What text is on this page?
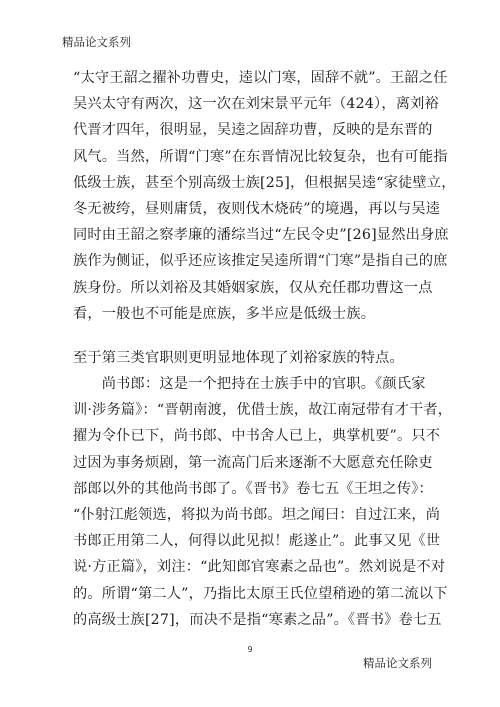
精品论文系列
“太守王韶之擢补功曹史，逵以门寒，固辞不就”。王韶之任
吴兴太守有两次，这一次在刘宋景平元年（424），离刘裕
代晋才四年，很明显，吴逵之固辞功曹，反映的是东晋的
风气。当然，所谓“门寒”在东晋情况比较复杂，也有可能指
低级士族，甚至个别高级士族[25]，但根据吴逵“家徒壁立，
冬无被绔，昼则庸赁，夜则伐木烧砖”的境遇，再以与吴逵
同时由王韶之察孝廉的潘综当过“左民令史”[26]显然出身庶
族作为侧证，似乎还应该推定吴逵所谓“门寒”是指自己的庶
族身份。所以刘裕及其婚姻家族，仅从充任郡功曹这一点
看，一般也不可能是庶族，多半应是低级士族。
至于第三类官职则更明显地体现了刘裕家族的特点。
　　尚书郎：这是一个把持在士族手中的官职。《颜氏家
训·涉务篇》：“晋朝南渡，优借士族，故江南冠带有才干者，
擢为令仆已下，尚书郎、中书舍人已上，典掌机要”。只不
过因为事务烦剧，第一流高门后来逐渐不大愿意充任除吏
部郎以外的其他尚书郎了。《晋书》卷七五《王坦之传》：
“仆射江彪领选，将拟为尚书郎。坦之闻曰：自过江来，尚
书郎正用第二人，何得以此见拟！彪遂止”。此事又见《世
说·方正篇》，刘注：“此知郎官寒素之品也”。然刘说是不对
的。所谓“第二人”，乃指比太原王氏位望稍逊的第二流以下
的高级士族[27]，而决不是指“寒素之品”。《晋书》卷七五
9
精品论文系列
